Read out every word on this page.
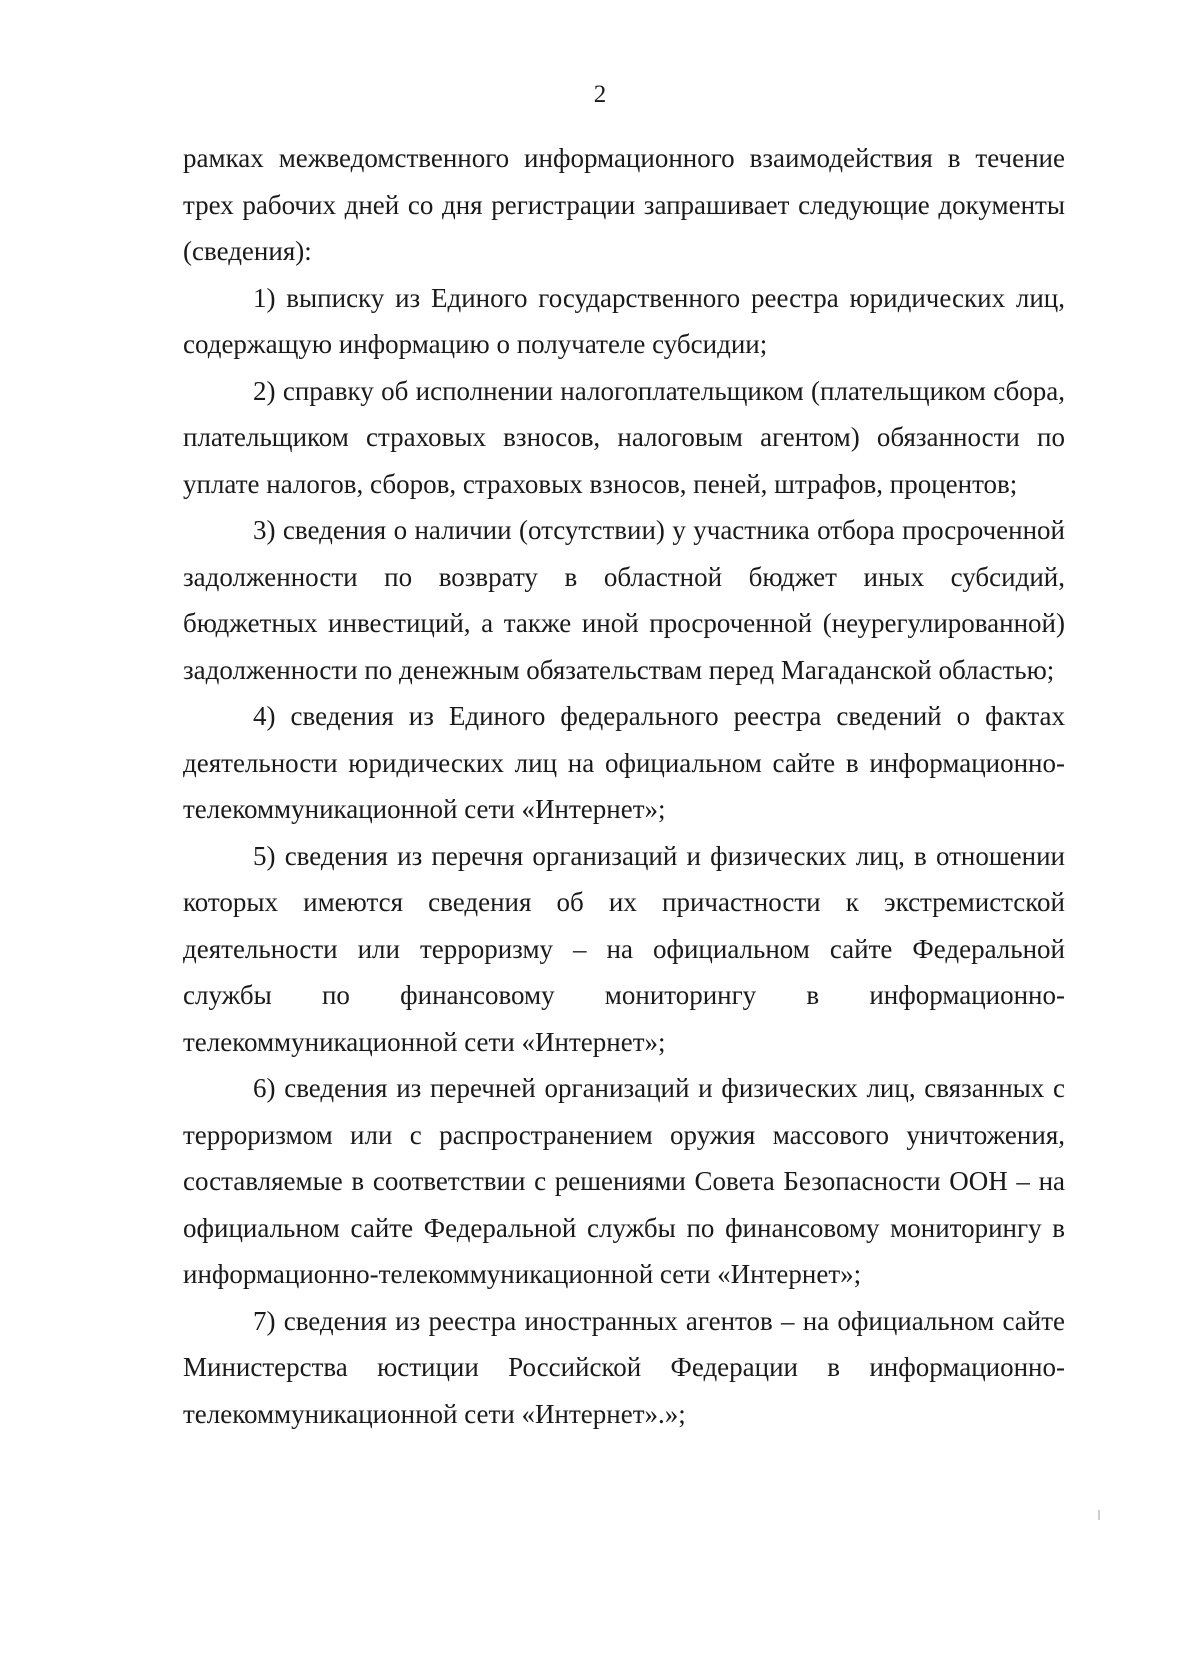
2

рамках межведомственного информационного взаимодействия в течение трех рабочих дней со дня регистрации запрашивает следующие документы (сведения):

1) выписку из Единого государственного реестра юридических лиц, содержащую информацию о получателе субсидии;

2) справку об исполнении налогоплательщиком (плательщиком сбора, плательщиком страховых взносов, налоговым агентом) обязанности по уплате налогов, сборов, страховых взносов, пеней, штрафов, процентов;

3) сведения о наличии (отсутствии) у участника отбора просроченной задолженности по возврату в областной бюджет иных субсидий, бюджетных инвестиций, а также иной просроченной (неурегулированной) задолженности по денежным обязательствам перед Магаданской областью;

4) сведения из Единого федерального реестра сведений о фактах деятельности юридических лиц на официальном сайте в информационно-телекоммуникационной сети «Интернет»;

5) сведения из перечня организаций и физических лиц, в отношении которых имеются сведения об их причастности к экстремистской деятельности или терроризму – на официальном сайте Федеральной службы по финансовому мониторингу в информационно-телекоммуникационной сети «Интернет»;

6) сведения из перечней организаций и физических лиц, связанных с терроризмом или с распространением оружия массового уничтожения, составляемые в соответствии с решениями Совета Безопасности ООН – на официальном сайте Федеральной службы по финансовому мониторингу в информационно-телекоммуникационной сети «Интернет»;

7) сведения из реестра иностранных агентов – на официальном сайте Министерства юстиции Российской Федерации в информационно-телекоммуникационной сети «Интернет».»;
